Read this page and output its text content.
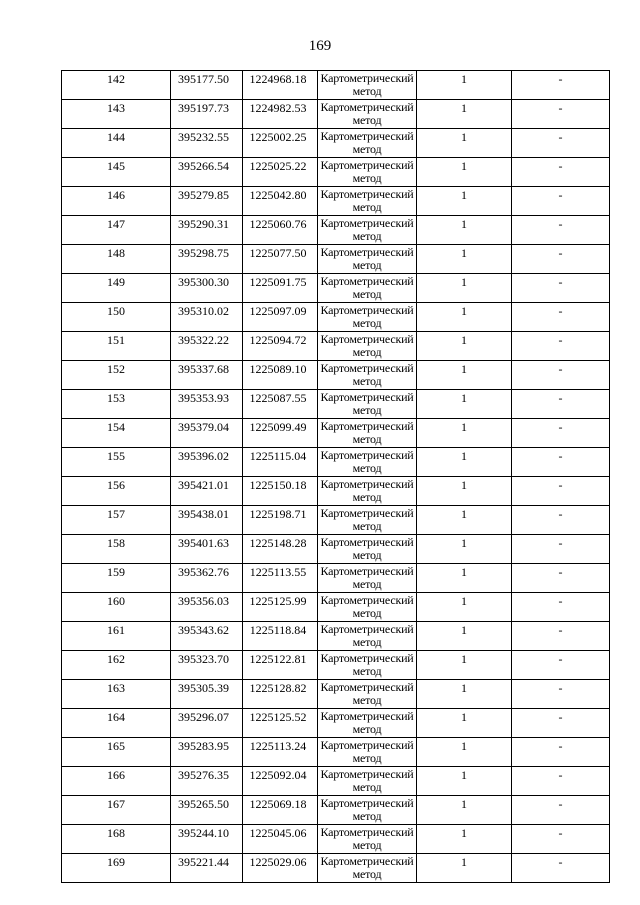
169
142	395177.50	1224968.18	Картометрический метод	1	-
143	395197.73	1224982.53	Картометрический метод	1	-
144	395232.55	1225002.25	Картометрический метод	1	-
145	395266.54	1225025.22	Картометрический метод	1	-
146	395279.85	1225042.80	Картометрический метод	1	-
147	395290.31	1225060.76	Картометрический метод	1	-
148	395298.75	1225077.50	Картометрический метод	1	-
149	395300.30	1225091.75	Картометрический метод	1	-
150	395310.02	1225097.09	Картометрический метод	1	-
151	395322.22	1225094.72	Картометрический метод	1	-
152	395337.68	1225089.10	Картометрический метод	1	-
153	395353.93	1225087.55	Картометрический метод	1	-
154	395379.04	1225099.49	Картометрический метод	1	-
155	395396.02	1225115.04	Картометрический метод	1	-
156	395421.01	1225150.18	Картометрический метод	1	-
157	395438.01	1225198.71	Картометрический метод	1	-
158	395401.63	1225148.28	Картометрический метод	1	-
159	395362.76	1225113.55	Картометрический метод	1	-
160	395356.03	1225125.99	Картометрический метод	1	-
161	395343.62	1225118.84	Картометрический метод	1	-
162	395323.70	1225122.81	Картометрический метод	1	-
163	395305.39	1225128.82	Картометрический метод	1	-
164	395296.07	1225125.52	Картометрический метод	1	-
165	395283.95	1225113.24	Картометрический метод	1	-
166	395276.35	1225092.04	Картометрический метод	1	-
167	395265.50	1225069.18	Картометрический метод	1	-
168	395244.10	1225045.06	Картометрический метод	1	-
169	395221.44	1225029.06	Картометрический метод	1	-
